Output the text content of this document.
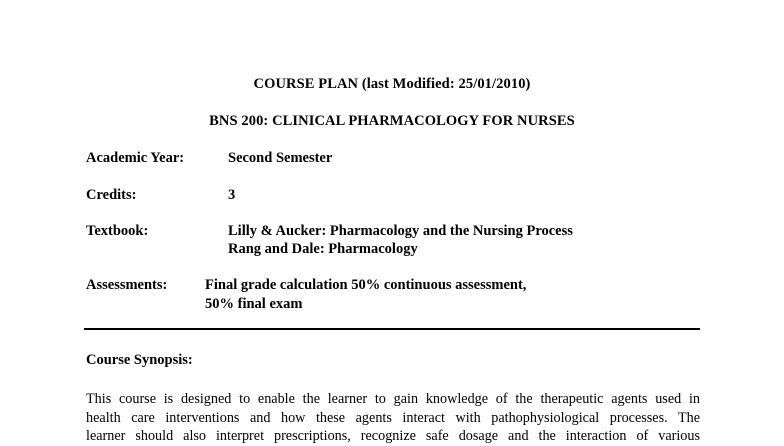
COURSE PLAN (last Modified: 25/01/2010)
BNS 200: CLINICAL PHARMACOLOGY FOR NURSES
Academic Year:	Second Semester
Credits:	3
Textbook:	Lilly & Aucker: Pharmacology and the Nursing Process
Rang and Dale: Pharmacology
Assessments:	Final grade calculation 50% continuous assessment,
50% final exam
Course Synopsis:
This course is designed to enable the learner to gain knowledge of the therapeutic agents used in
health care interventions and how these agents interact with pathophysiological processes. The
learner should also interpret prescriptions, recognize safe dosage and the interaction of various
